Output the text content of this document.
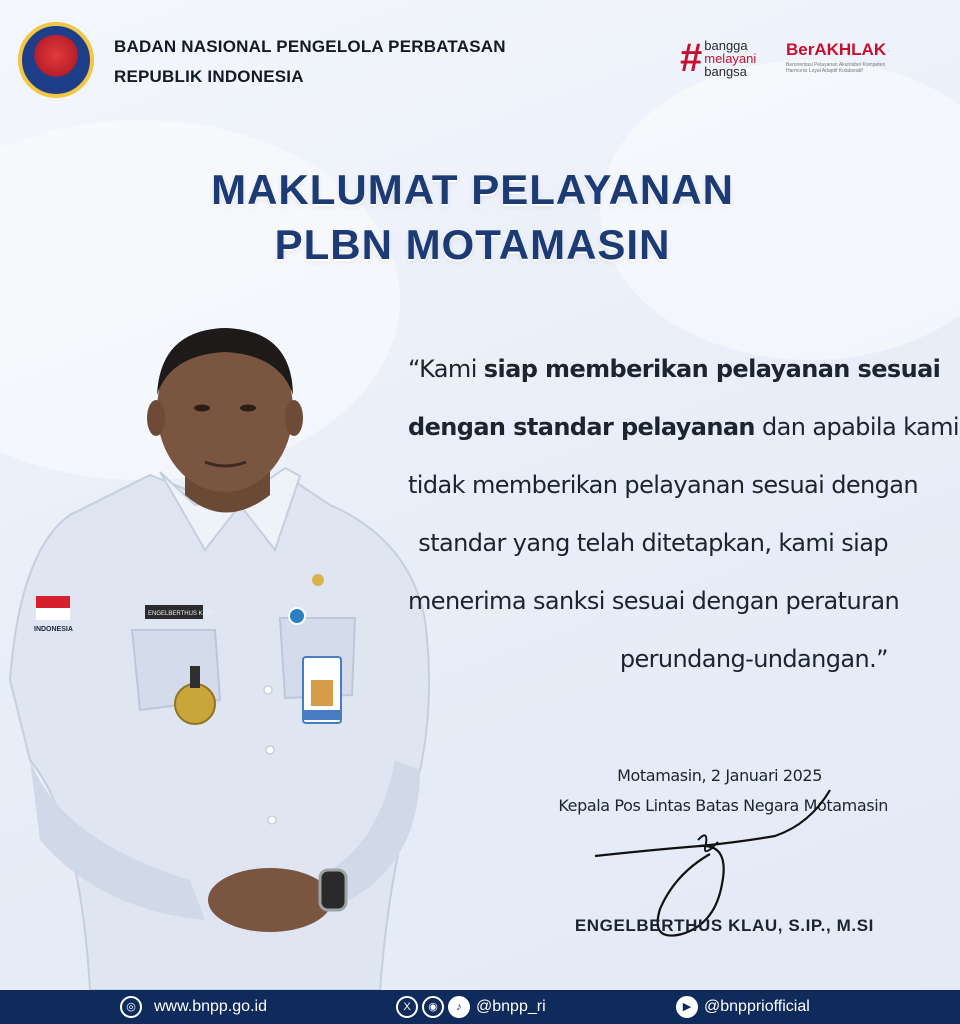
BADAN NASIONAL PENGELOLA PERBATASAN
REPUBLIK INDONESIA	# bangga
melayani
bangsa
BerAKHLAK
Berorientasi Pelayanan Akuntabel Kompeten Harmonis Loyal Adaptif Kolaboratif
MAKLUMAT PELAYANAN
PLBN MOTAMASIN
INDONESIA
ENGELBERTHUS KLAU
“Kami siap memberikan pelayanan sesuai
dengan standar pelayanan dan apabila kami
tidak memberikan pelayanan sesuai dengan
standar yang telah ditetapkan, kami siap
menerima sanksi sesuai dengan peraturan
perundang-undangan.”
Motamasin, 2 Januari 2025
Kepala Pos Lintas Batas Negara Motamasin
ENGELBERTHUS KLAU, S.IP., M.SI
◎	www.bnpp.go.id	X	◉	♪ @bnpp_ri	▶ @bnppriofficial
